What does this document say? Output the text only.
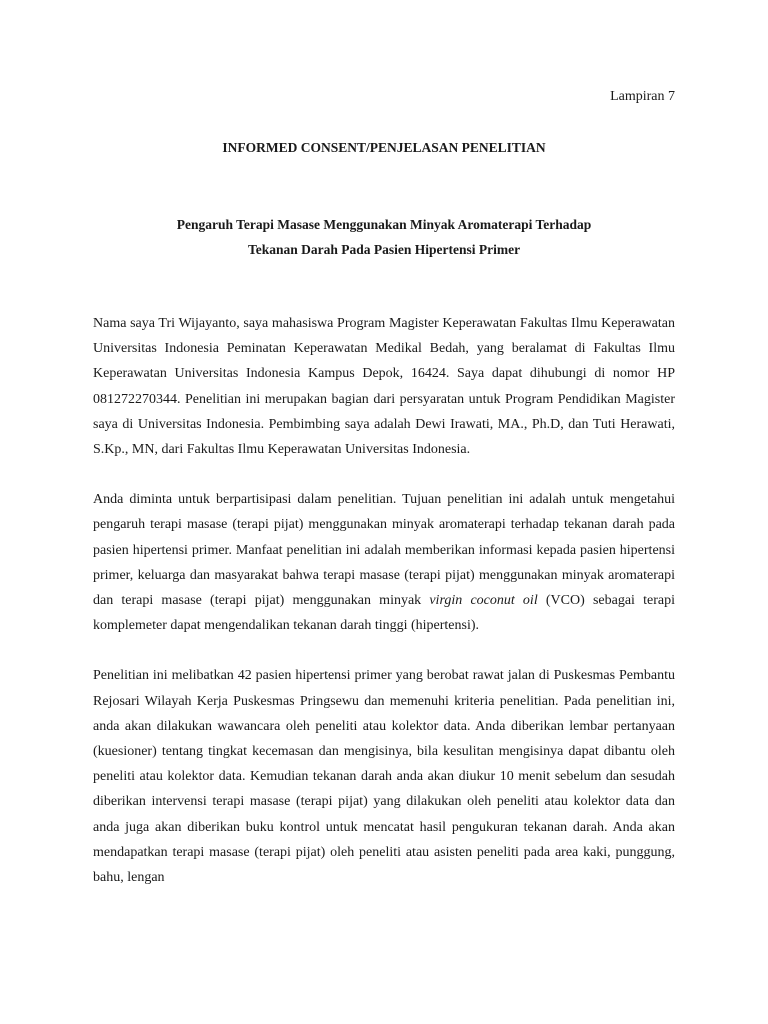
Lampiran 7
INFORMED CONSENT/PENJELASAN PENELITIAN
Pengaruh Terapi Masase Menggunakan Minyak Aromaterapi Terhadap
Tekanan Darah Pada Pasien Hipertensi Primer

Nama saya Tri Wijayanto, saya mahasiswa Program Magister Keperawatan Fakultas Ilmu Keperawatan Universitas Indonesia Peminatan Keperawatan Medikal Bedah, yang beralamat di Fakultas Ilmu Keperawatan Universitas Indonesia Kampus Depok, 16424. Saya dapat dihubungi di nomor HP 081272270344. Penelitian ini merupakan bagian dari persyaratan untuk Program Pendidikan Magister saya di Universitas Indonesia. Pembimbing saya adalah Dewi Irawati, MA., Ph.D, dan Tuti Herawati, S.Kp., MN, dari Fakultas Ilmu Keperawatan Universitas Indonesia.

Anda diminta untuk berpartisipasi dalam penelitian. Tujuan penelitian ini adalah untuk mengetahui pengaruh terapi masase (terapi pijat) menggunakan minyak aromaterapi terhadap tekanan darah pada pasien hipertensi primer. Manfaat penelitian ini adalah memberikan informasi kepada pasien hipertensi primer, keluarga dan masyarakat bahwa terapi masase (terapi pijat) menggunakan minyak aromaterapi dan terapi masase (terapi pijat) menggunakan minyak virgin coconut oil (VCO) sebagai terapi komplemeter dapat mengendalikan tekanan darah tinggi (hipertensi).

Penelitian ini melibatkan 42 pasien hipertensi primer yang berobat rawat jalan di Puskesmas Pembantu Rejosari Wilayah Kerja Puskesmas Pringsewu dan memenuhi kriteria penelitian. Pada penelitian ini, anda akan dilakukan wawancara oleh peneliti atau kolektor data. Anda diberikan lembar pertanyaan (kuesioner) tentang tingkat kecemasan dan mengisinya, bila kesulitan mengisinya dapat dibantu oleh peneliti atau kolektor data. Kemudian tekanan darah anda akan diukur 10 menit sebelum dan sesudah diberikan intervensi terapi masase (terapi pijat) yang dilakukan oleh peneliti atau kolektor data dan anda juga akan diberikan buku kontrol untuk mencatat hasil pengukuran tekanan darah. Anda akan mendapatkan terapi masase (terapi pijat) oleh peneliti atau asisten peneliti pada area kaki, punggung, bahu, lengan
